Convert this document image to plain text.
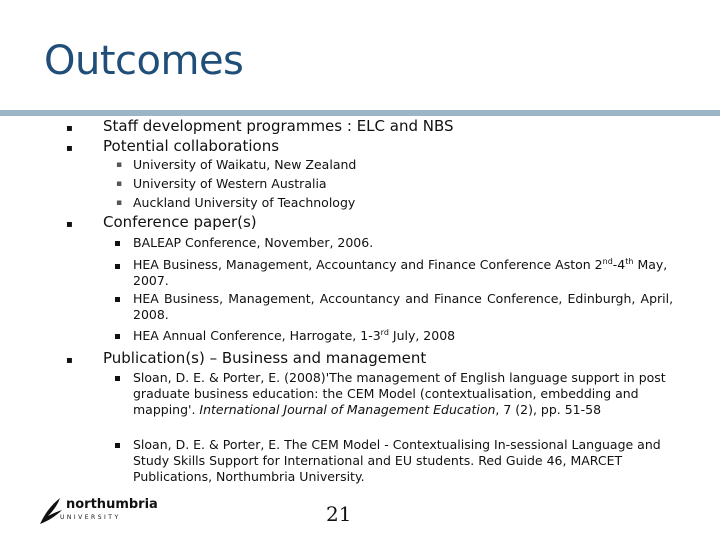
Outcomes
▪ Staff development programmes : ELC and NBS
▪ Potential collaborations
▪ University of Waikatu, New Zealand
▪ University of Western Australia
▪ Auckland University of Teachnology
▪ Conference paper(s)
BALEAP Conference, November, 2006.
HEA Business, Management, Accountancy and Finance Conference Aston 2nd-4th May,
2007.
HEA Business, Management, Accountancy and Finance Conference, Edinburgh, April,
2008.
HEA Annual Conference, Harrogate, 1-3rd July, 2008
▪ Publication(s) – Business and management
Sloan, D. E. & Porter, E. (2008)'The management of English language support in post
graduate business education: the CEM Model (contextualisation, embedding and
mapping'. International Journal of Management Education, 7 (2), pp. 51-58
Sloan, D. E. & Porter, E. The CEM Model - Contextualising In-sessional Language and
Study Skills Support for International and EU students. Red Guide 46, MARCET
Publications, Northumbria University.
northumbria
UNIVERSITY	21
